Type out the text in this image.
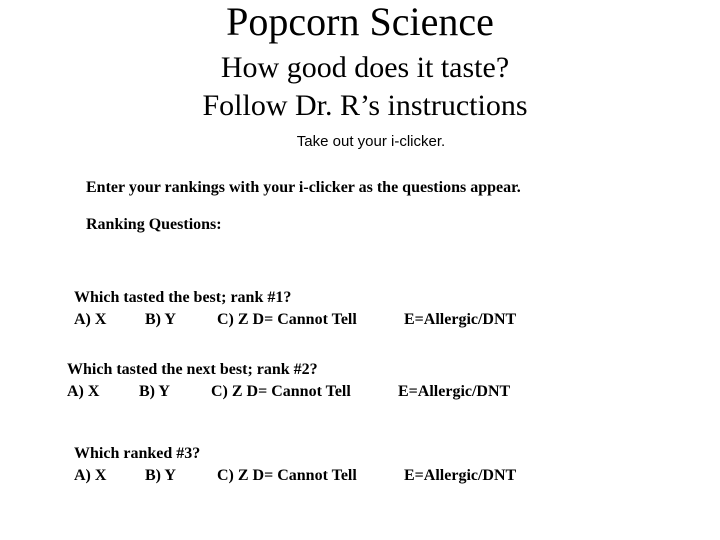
Popcorn Science
How good does it taste?
Follow Dr. R’s instructions
Take out your i-clicker.
Enter your rankings with your i-clicker as the questions appear.
Ranking Questions:
Which tasted the best; rank #1?
A) X B) Y	C) Z D= Cannot Tell	E=Allergic/DNT
Which tasted the next best; rank #2?
A) X B) Y	C) Z D= Cannot Tell	E=Allergic/DNT
Which ranked #3?
A) X B) Y	C) Z D= Cannot Tell	E=Allergic/DNT
